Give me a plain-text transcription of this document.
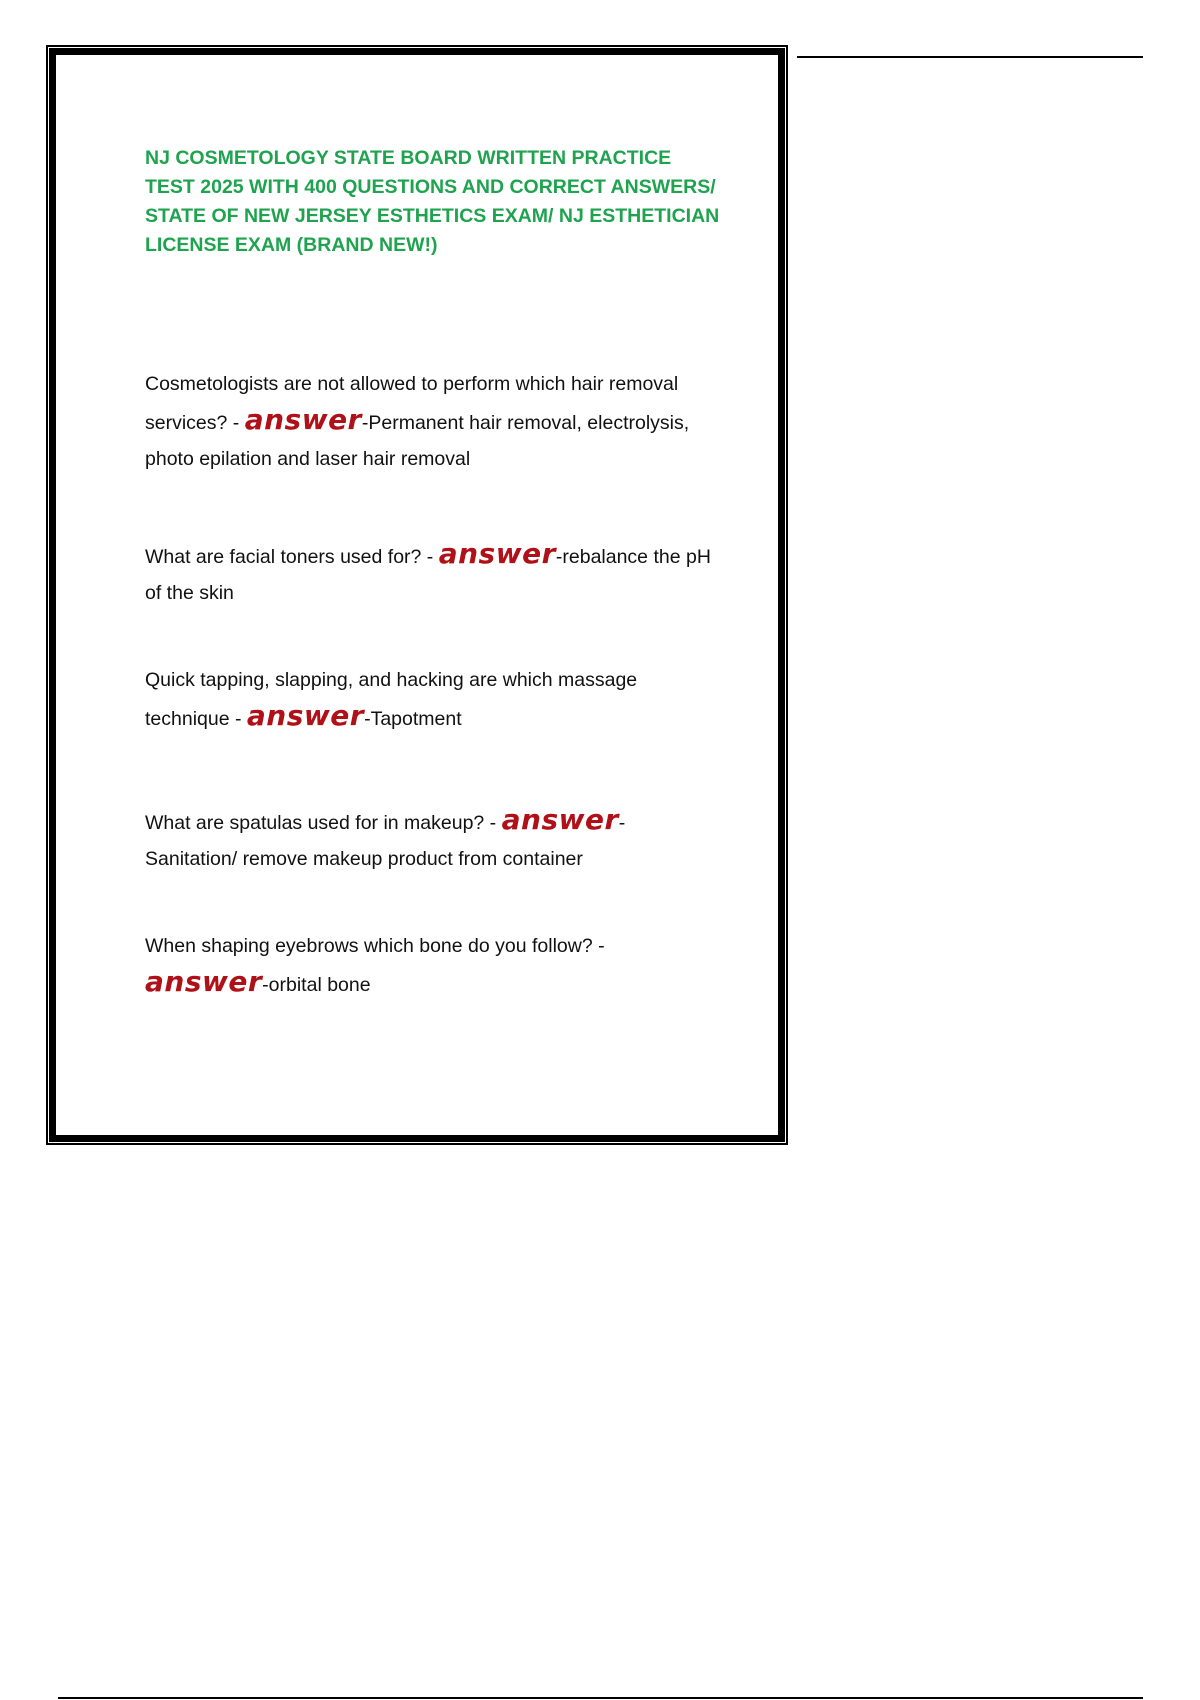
NJ COSMETOLOGY STATE BOARD WRITTEN PRACTICE TEST 2025 WITH 400 QUESTIONS AND CORRECT ANSWERS/ STATE OF NEW JERSEY ESTHETICS EXAM/ NJ ESTHETICIAN LICENSE EXAM (BRAND NEW!)

Cosmetologists are not allowed to perform which hair removal services? - answer-Permanent hair removal, electrolysis, photo epilation and laser hair removal

What are facial toners used for? - answer-rebalance the pH of the skin

Quick tapping, slapping, and hacking are which massage technique - answer-Tapotment

What are spatulas used for in makeup? - answer-Sanitation/ remove makeup product from container

When shaping eyebrows which bone do you follow? - answer-orbital bone
